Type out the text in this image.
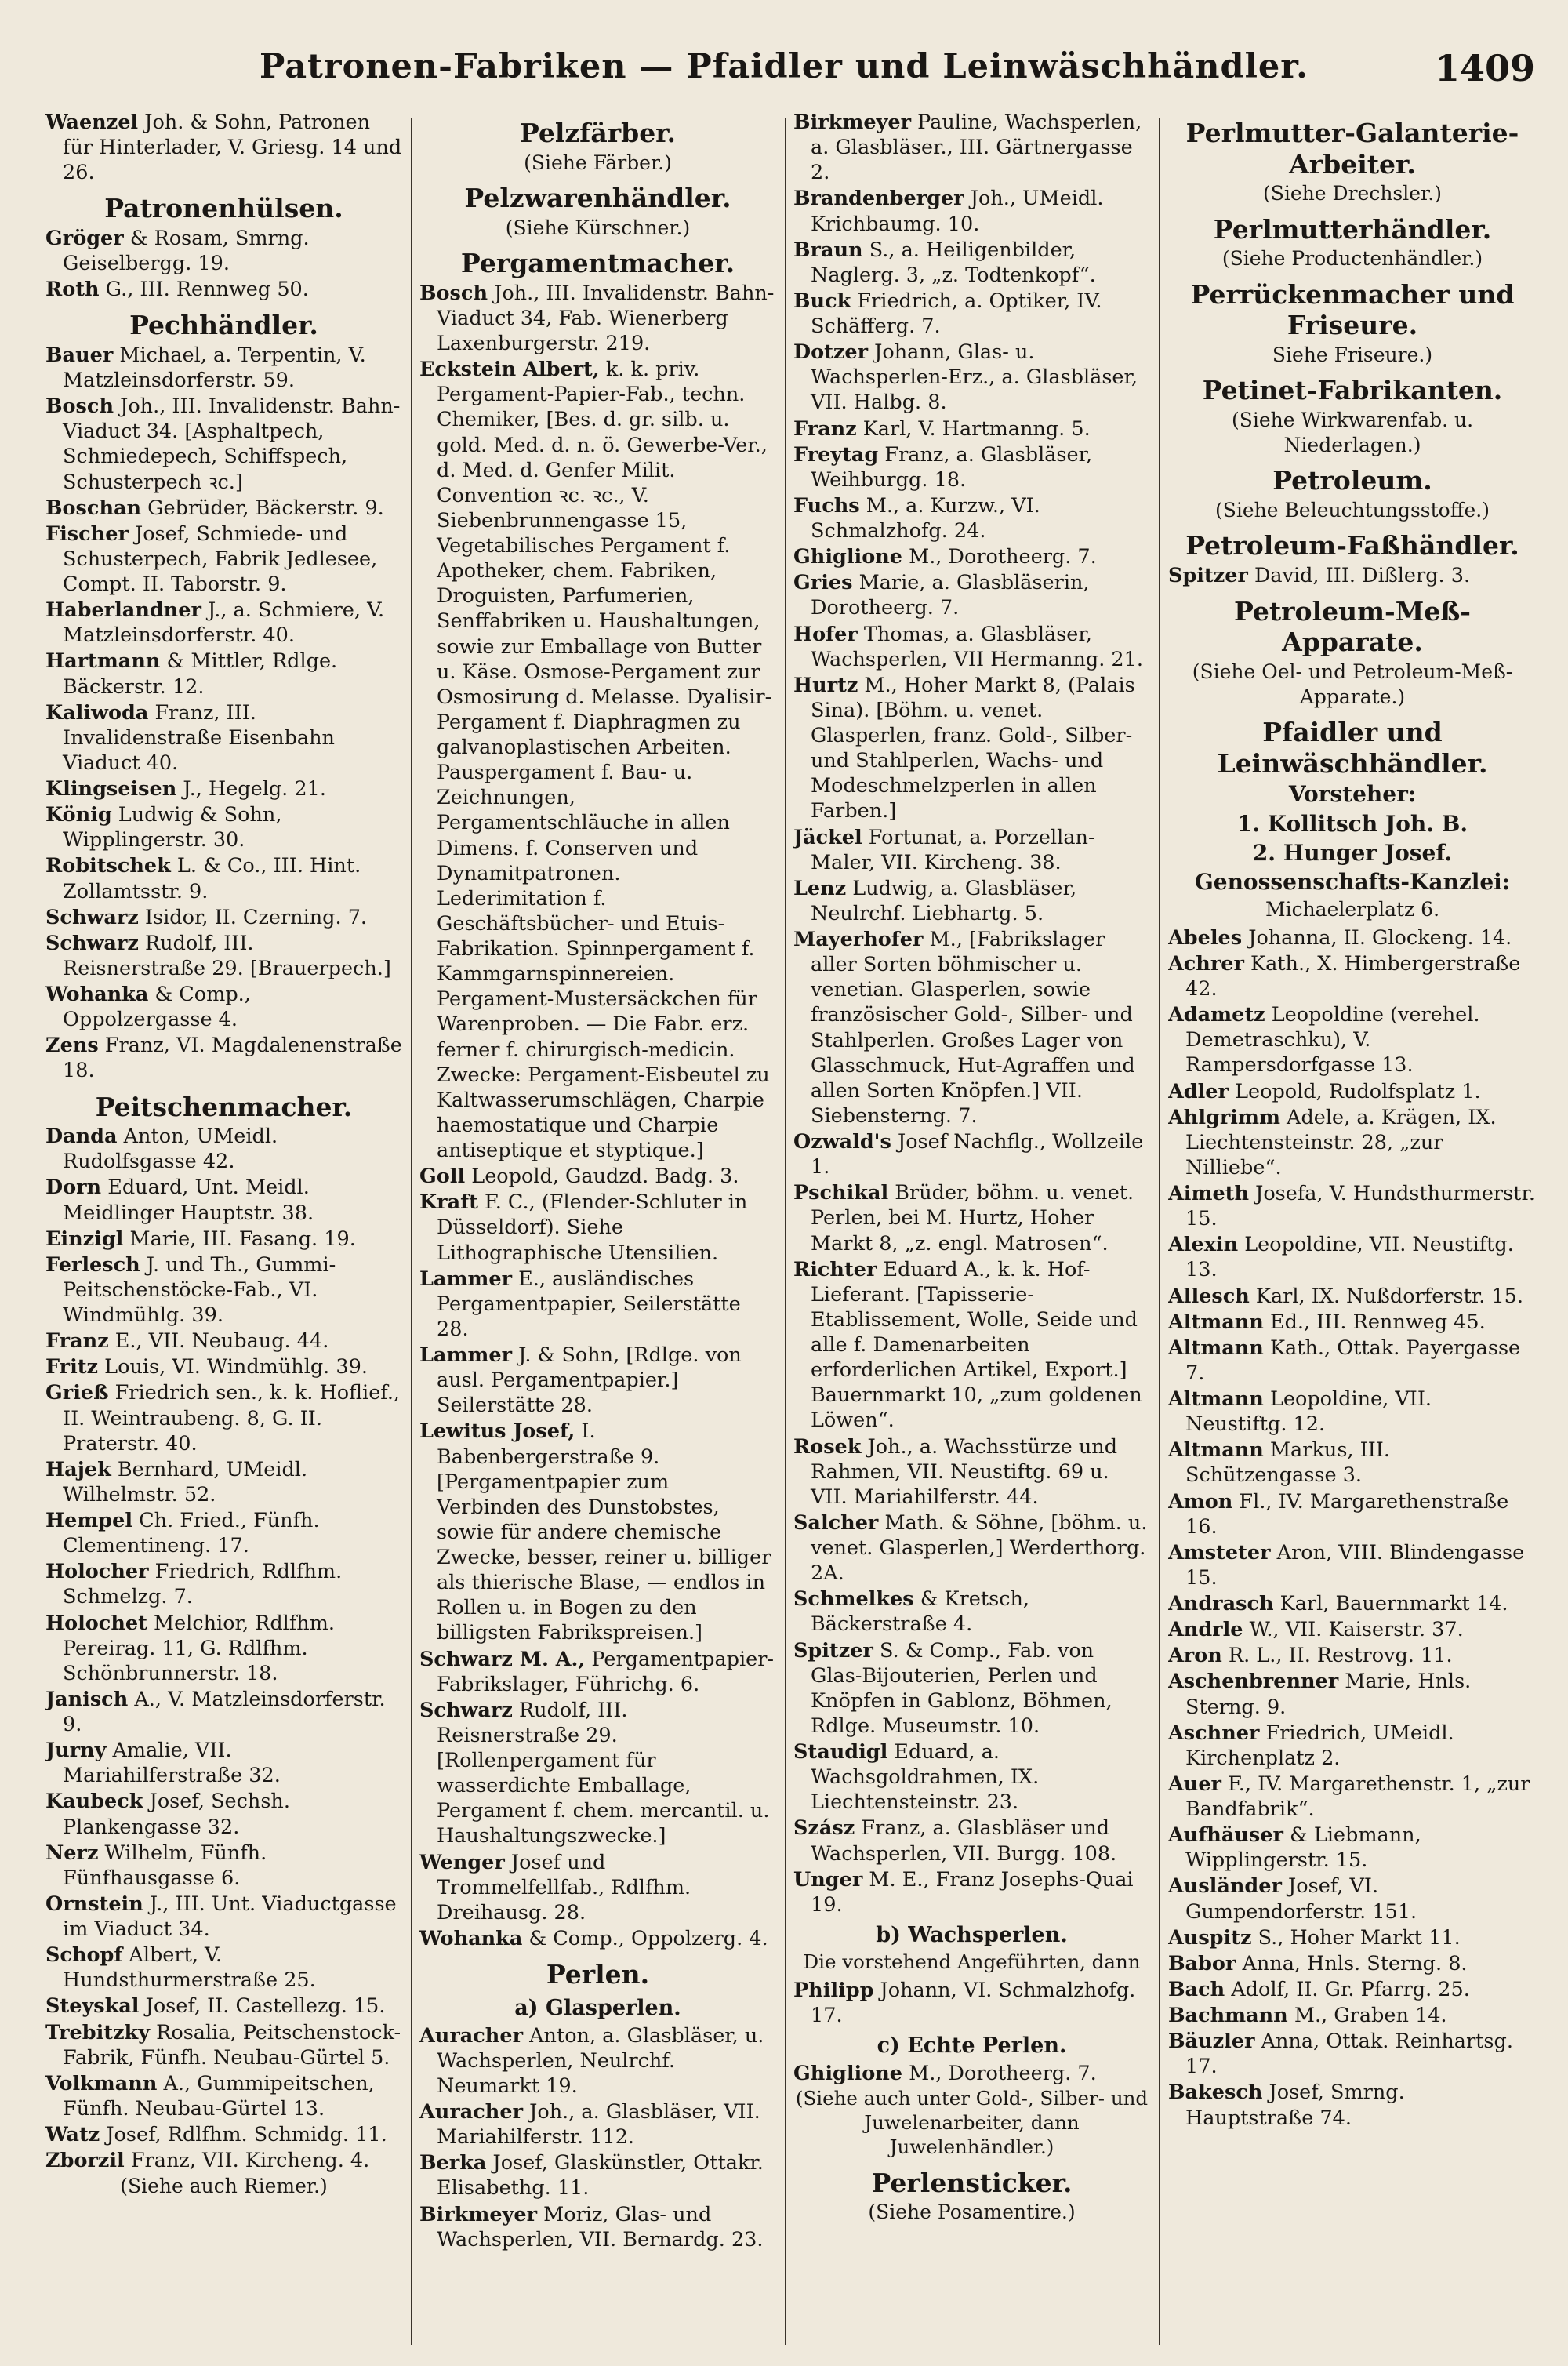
Patronen-Fabriken — Pfaidler und Leinwäschhändler.	1409
Waenzel Joh. & Sohn, Patronen für Hinterlader, V. Griesg. 14 und 26.
Patronenhülsen.
Gröger & Rosam, Smrng. Geiselbergg. 19.
Roth G., III. Rennweg 50.
Pechhändler.
Bauer Michael, a. Terpentin, V. Matzleinsdorferstr. 59.
Bosch Joh., III. Invalidenstr. Bahn-Viaduct 34. [Asphaltpech, Schmiedepech, Schiffspech, Schusterpech ꝛc.]
Boschan Gebrüder, Bäckerstr. 9.
Fischer Josef, Schmiede- und Schusterpech, Fabrik Jedlesee, Compt. II. Taborstr. 9.
Haberlandner J., a. Schmiere, V. Matzleinsdorferstr. 40.
Hartmann & Mittler, Rdlge. Bäckerstr. 12.
Kaliwoda Franz, III. Invalidenstraße Eisenbahn Viaduct 40.
Klingseisen J., Hegelg. 21.
König Ludwig & Sohn, Wipplingerstr. 30.
Robitschek L. & Co., III. Hint. Zollamtsstr. 9.
Schwarz Isidor, II. Czerning. 7.
Schwarz Rudolf, III. Reisnerstraße 29. [Brauerpech.]
Wohanka & Comp., Oppolzergasse 4.
Zens Franz, VI. Magdalenenstraße 18.
Peitschenmacher.
Danda Anton, UMeidl. Rudolfsgasse 42.
Dorn Eduard, Unt. Meidl. Meidlinger Hauptstr. 38.
Einzigl Marie, III. Fasang. 19.
Ferlesch J. und Th., Gummi-Peitschenstöcke-Fab., VI. Windmühlg. 39.
Franz E., VII. Neubaug. 44.
Fritz Louis, VI. Windmühlg. 39.
Grieß Friedrich sen., k. k. Hoflief., II. Weintraubeng. 8, G. II. Praterstr. 40.
Hajek Bernhard, UMeidl. Wilhelmstr. 52.
Hempel Ch. Fried., Fünfh. Clementineng. 17.
Holocher Friedrich, Rdlfhm. Schmelzg. 7.
Holochet Melchior, Rdlfhm. Pereirag. 11, G. Rdlfhm. Schönbrunnerstr. 18.
Janisch A., V. Matzleinsdorferstr. 9.
Jurny Amalie, VII. Mariahilferstraße 32.
Kaubeck Josef, Sechsh. Plankengasse 32.
Nerz Wilhelm, Fünfh. Fünfhausgasse 6.
Ornstein J., III. Unt. Viaductgasse im Viaduct 34.
Schopf Albert, V. Hundsthurmerstraße 25.
Steyskal Josef, II. Castellezg. 15.
Trebitzky Rosalia, Peitschenstock-Fabrik, Fünfh. Neubau-Gürtel 5.
Volkmann A., Gummipeitschen, Fünfh. Neubau-Gürtel 13.
Watz Josef, Rdlfhm. Schmidg. 11.
Zborzil Franz, VII. Kircheng. 4.
(Siehe auch Riemer.)
Pelzfärber.
(Siehe Färber.)
Pelzwarenhändler.
(Siehe Kürschner.)
Pergamentmacher.
Bosch Joh., III. Invalidenstr. Bahn-Viaduct 34, Fab. Wienerberg Laxenburgerstr. 219.
Eckstein Albert, k. k. priv. Pergament-Papier-Fab., techn. Chemiker, [Bes. d. gr. silb. u. gold. Med. d. n. ö. Gewerbe-Ver., d. Med. d. Genfer Milit. Convention ꝛc. ꝛc., V. Siebenbrunnengasse 15, Vegetabilisches Pergament f. Apotheker, chem. Fabriken, Droguisten, Parfumerien, Senffabriken u. Haushaltungen, sowie zur Emballage von Butter u. Käse. Osmose-Pergament zur Osmosirung d. Melasse. Dyalisir-Pergament f. Diaphragmen zu galvanoplastischen Arbeiten. Pauspergament f. Bau- u. Zeichnungen, Pergamentschläuche in allen Dimens. f. Conserven und Dynamitpatronen. Lederimitation f. Geschäftsbücher- und Etuis-Fabrikation. Spinnpergament f. Kammgarnspinnereien. Pergament-Mustersäckchen für Warenproben. — Die Fabr. erz. ferner f. chirurgisch-medicin. Zwecke: Pergament-Eisbeutel zu Kaltwasserumschlägen, Charpie haemostatique und Charpie antiseptique et styptique.]
Goll Leopold, Gaudzd. Badg. 3.
Kraft F. C., (Flender-Schluter in Düsseldorf). Siehe Lithographische Utensilien.
Lammer E., ausländisches Pergamentpapier, Seilerstätte 28.
Lammer J. & Sohn, [Rdlge. von ausl. Pergamentpapier.] Seilerstätte 28.
Lewitus Josef, I. Babenbergerstraße 9. [Pergamentpapier zum Verbinden des Dunstobstes, sowie für andere chemische Zwecke, besser, reiner u. billiger als thierische Blase, — endlos in Rollen u. in Bogen zu den billigsten Fabrikspreisen.]
Schwarz M. A., Pergamentpapier-Fabrikslager, Führichg. 6.
Schwarz Rudolf, III. Reisnerstraße 29. [Rollenpergament für wasserdichte Emballage, Pergament f. chem. mercantil. u. Haushaltungszwecke.]
Wenger Josef und Trommelfellfab., Rdlfhm. Dreihausg. 28.
Wohanka & Comp., Oppolzerg. 4.
Perlen.
a) Glasperlen.
Auracher Anton, a. Glasbläser, u. Wachsperlen, Neulrchf. Neumarkt 19.
Auracher Joh., a. Glasbläser, VII. Mariahilferstr. 112.
Berka Josef, Glaskünstler, Ottakr. Elisabethg. 11.
Birkmeyer Moriz, Glas- und Wachsperlen, VII. Bernardg. 23.
Birkmeyer Pauline, Wachsperlen, a. Glasbläser., III. Gärtnergasse 2.
Brandenberger Joh., UMeidl. Krichbaumg. 10.
Braun S., a. Heiligenbilder, Naglerg. 3, „z. Todtenkopf“.
Buck Friedrich, a. Optiker, IV. Schäfferg. 7.
Dotzer Johann, Glas- u. Wachsperlen-Erz., a. Glasbläser, VII. Halbg. 8.
Franz Karl, V. Hartmanng. 5.
Freytag Franz, a. Glasbläser, Weihburgg. 18.
Fuchs M., a. Kurzw., VI. Schmalzhofg. 24.
Ghiglione M., Dorotheerg. 7.
Gries Marie, a. Glasbläserin, Dorotheerg. 7.
Hofer Thomas, a. Glasbläser, Wachsperlen, VII Hermanng. 21.
Hurtz M., Hoher Markt 8, (Palais Sina). [Böhm. u. venet. Glasperlen, franz. Gold-, Silber- und Stahlperlen, Wachs- und Modeschmelzperlen in allen Farben.]
Jäckel Fortunat, a. Porzellan-Maler, VII. Kircheng. 38.
Lenz Ludwig, a. Glasbläser, Neulrchf. Liebhartg. 5.
Mayerhofer M., [Fabrikslager aller Sorten böhmischer u. venetian. Glasperlen, sowie französischer Gold-, Silber- und Stahlperlen. Großes Lager von Glasschmuck, Hut-Agraffen und allen Sorten Knöpfen.] VII. Siebensterng. 7.
Ozwald's Josef Nachflg., Wollzeile 1.
Pschikal Brüder, böhm. u. venet. Perlen, bei M. Hurtz, Hoher Markt 8, „z. engl. Matrosen“.
Richter Eduard A., k. k. Hof-Lieferant. [Tapisserie-Etablissement, Wolle, Seide und alle f. Damenarbeiten erforderlichen Artikel, Export.] Bauernmarkt 10, „zum goldenen Löwen“.
Rosek Joh., a. Wachsstürze und Rahmen, VII. Neustiftg. 69 u. VII. Mariahilferstr. 44.
Salcher Math. & Söhne, [böhm. u. venet. Glasperlen,] Werderthorg. 2A.
Schmelkes & Kretsch, Bäckerstraße 4.
Spitzer S. & Comp., Fab. von Glas-Bijouterien, Perlen und Knöpfen in Gablonz, Böhmen, Rdlge. Museumstr. 10.
Staudigl Eduard, a. Wachsgoldrahmen, IX. Liechtensteinstr. 23.
Szász Franz, a. Glasbläser und Wachsperlen, VII. Burgg. 108.
Unger M. E., Franz Josephs-Quai 19.
b) Wachsperlen.
Die vorstehend Angeführten, dann
Philipp Johann, VI. Schmalzhofg. 17.
c) Echte Perlen.
Ghiglione M., Dorotheerg. 7.
(Siehe auch unter Gold-, Silber- und Juwelenarbeiter, dann Juwelenhändler.)
Perlensticker.
(Siehe Posamentire.)
Perlmutter-Galanterie-Arbeiter.
(Siehe Drechsler.)
Perlmutterhändler.
(Siehe Productenhändler.)
Perrückenmacher und Friseure.
Siehe Friseure.)
Petinet-Fabrikanten.
(Siehe Wirkwarenfab. u. Niederlagen.)
Petroleum.
(Siehe Beleuchtungsstoffe.)
Petroleum-Faßhändler.
Spitzer David, III. Dißlerg. 3.
Petroleum-Meß-Apparate.
(Siehe Oel- und Petroleum-Meß-Apparate.)
Pfaidler und Leinwäschhändler.
Vorsteher:
1. Kollitsch Joh. B.
2. Hunger Josef.
Genossenschafts-Kanzlei:
Michaelerplatz 6.
Abeles Johanna, II. Glockeng. 14.
Achrer Kath., X. Himbergerstraße 42.
Adametz Leopoldine (verehel. Demetraschku), V. Rampersdorfgasse 13.
Adler Leopold, Rudolfsplatz 1.
Ahlgrimm Adele, a. Krägen, IX. Liechtensteinstr. 28, „zur Nilliebe“.
Aimeth Josefa, V. Hundsthurmerstr. 15.
Alexin Leopoldine, VII. Neustiftg. 13.
Allesch Karl, IX. Nußdorferstr. 15.
Altmann Ed., III. Rennweg 45.
Altmann Kath., Ottak. Payergasse 7.
Altmann Leopoldine, VII. Neustiftg. 12.
Altmann Markus, III. Schützengasse 3.
Amon Fl., IV. Margarethenstraße 16.
Amsteter Aron, VIII. Blindengasse 15.
Andrasch Karl, Bauernmarkt 14.
Andrle W., VII. Kaiserstr. 37.
Aron R. L., II. Restrovg. 11.
Aschenbrenner Marie, Hnls. Sterng. 9.
Aschner Friedrich, UMeidl. Kirchenplatz 2.
Auer F., IV. Margarethenstr. 1, „zur Bandfabrik“.
Aufhäuser & Liebmann, Wipplingerstr. 15.
Ausländer Josef, VI. Gumpendorferstr. 151.
Auspitz S., Hoher Markt 11.
Babor Anna, Hnls. Sterng. 8.
Bach Adolf, II. Gr. Pfarrg. 25.
Bachmann M., Graben 14.
Bäuzler Anna, Ottak. Reinhartsg. 17.
Bakesch Josef, Smrng. Hauptstraße 74.
